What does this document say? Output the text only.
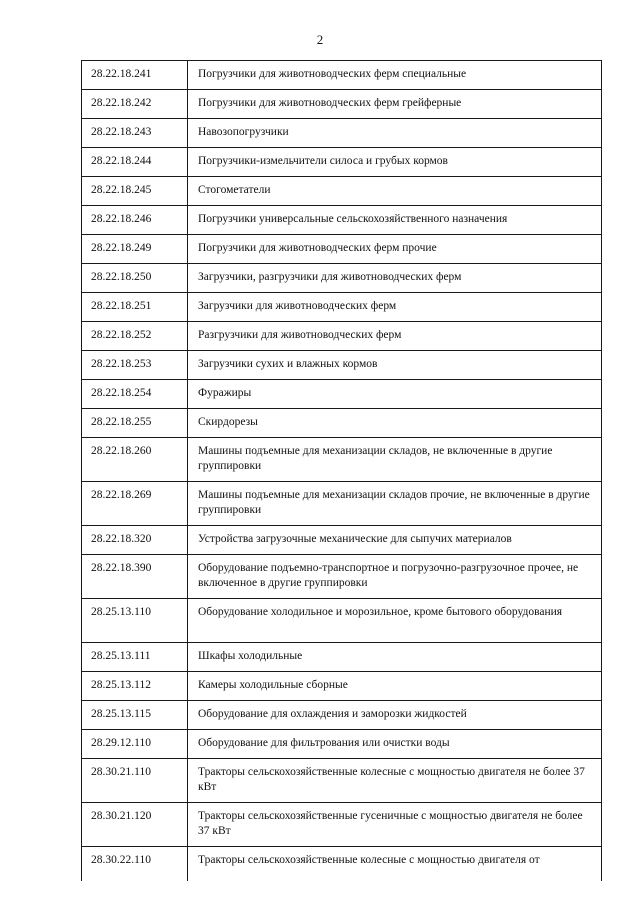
2
28.22.18.241	Погрузчики для животноводческих ферм специальные
28.22.18.242	Погрузчики для животноводческих ферм грейферные
28.22.18.243	Навозопогрузчики
28.22.18.244	Погрузчики-измельчители силоса и грубых кормов
28.22.18.245	Стогометатели
28.22.18.246	Погрузчики универсальные сельскохозяйственного назначения
28.22.18.249	Погрузчики для животноводческих ферм прочие
28.22.18.250	Загрузчики, разгрузчики для животноводческих ферм
28.22.18.251	Загрузчики для животноводческих ферм
28.22.18.252	Разгрузчики для животноводческих ферм
28.22.18.253	Загрузчики сухих и влажных кормов
28.22.18.254	Фуражиры
28.22.18.255	Скирдорезы
28.22.18.260	Машины подъемные для механизации складов, не включенные в другие группировки
28.22.18.269	Машины подъемные для механизации складов прочие, не включенные в другие группировки
28.22.18.320	Устройства загрузочные механические для сыпучих материалов
28.22.18.390	Оборудование подъемно-транспортное и погрузочно-разгрузочное прочее, не включенное в другие группировки
28.25.13.110	Оборудование холодильное и морозильное, кроме бытового оборудования
28.25.13.111	Шкафы холодильные
28.25.13.112	Камеры холодильные сборные
28.25.13.115	Оборудование для охлаждения и заморозки жидкостей
28.29.12.110	Оборудование для фильтрования или очистки воды
28.30.21.110	Тракторы сельскохозяйственные колесные с мощностью двигателя не более 37 кВт
28.30.21.120	Тракторы сельскохозяйственные гусеничные с мощностью двигателя не более 37 кВт
28.30.22.110	Тракторы сельскохозяйственные колесные с мощностью двигателя от
